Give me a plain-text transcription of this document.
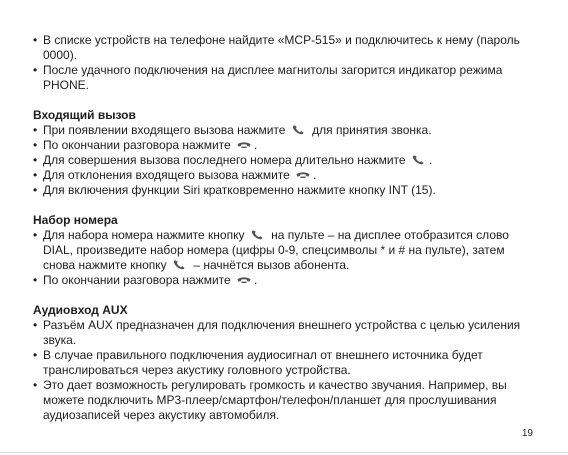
• В списке устройств на телефоне найдите «MCP-515» и подключитесь к нему (пароль 0000).
• После удачного подключения на дисплее магнитолы загорится индикатор режима PHONE.

Входящий вызов

• При появлении входящего вызова нажмите для принятия звонка.
• По окончании разговора нажмите .
• Для совершения вызова последнего номера длительно нажмите .
• Для отклонения входящего вызова нажмите .
• Для включения функции Siri кратковременно нажмите кнопку INT (15).

Набор номера

• Для набора номера нажмите кнопку на пульте – на дисплее отобразится слово DIAL, произведите набор номера (цифры 0-9, спецсимволы * и # на пульте), затем снова нажмите кнопку – начнётся вызов абонента.
• По окончании разговора нажмите .

Аудиовход AUX

• Разъём AUX предназначен для подключения внешнего устройства с целью усиления звука.
• В случае правильного подключения аудиосигнал от внешнего источника будет транслироваться через акустику головного устройства.
• Это дает возможность регулировать громкость и качество звучания. Например, вы можете подключить MP3-плеер/смартфон/телефон/планшет для прослушивания аудиозаписей через акустику автомобиля.
19
